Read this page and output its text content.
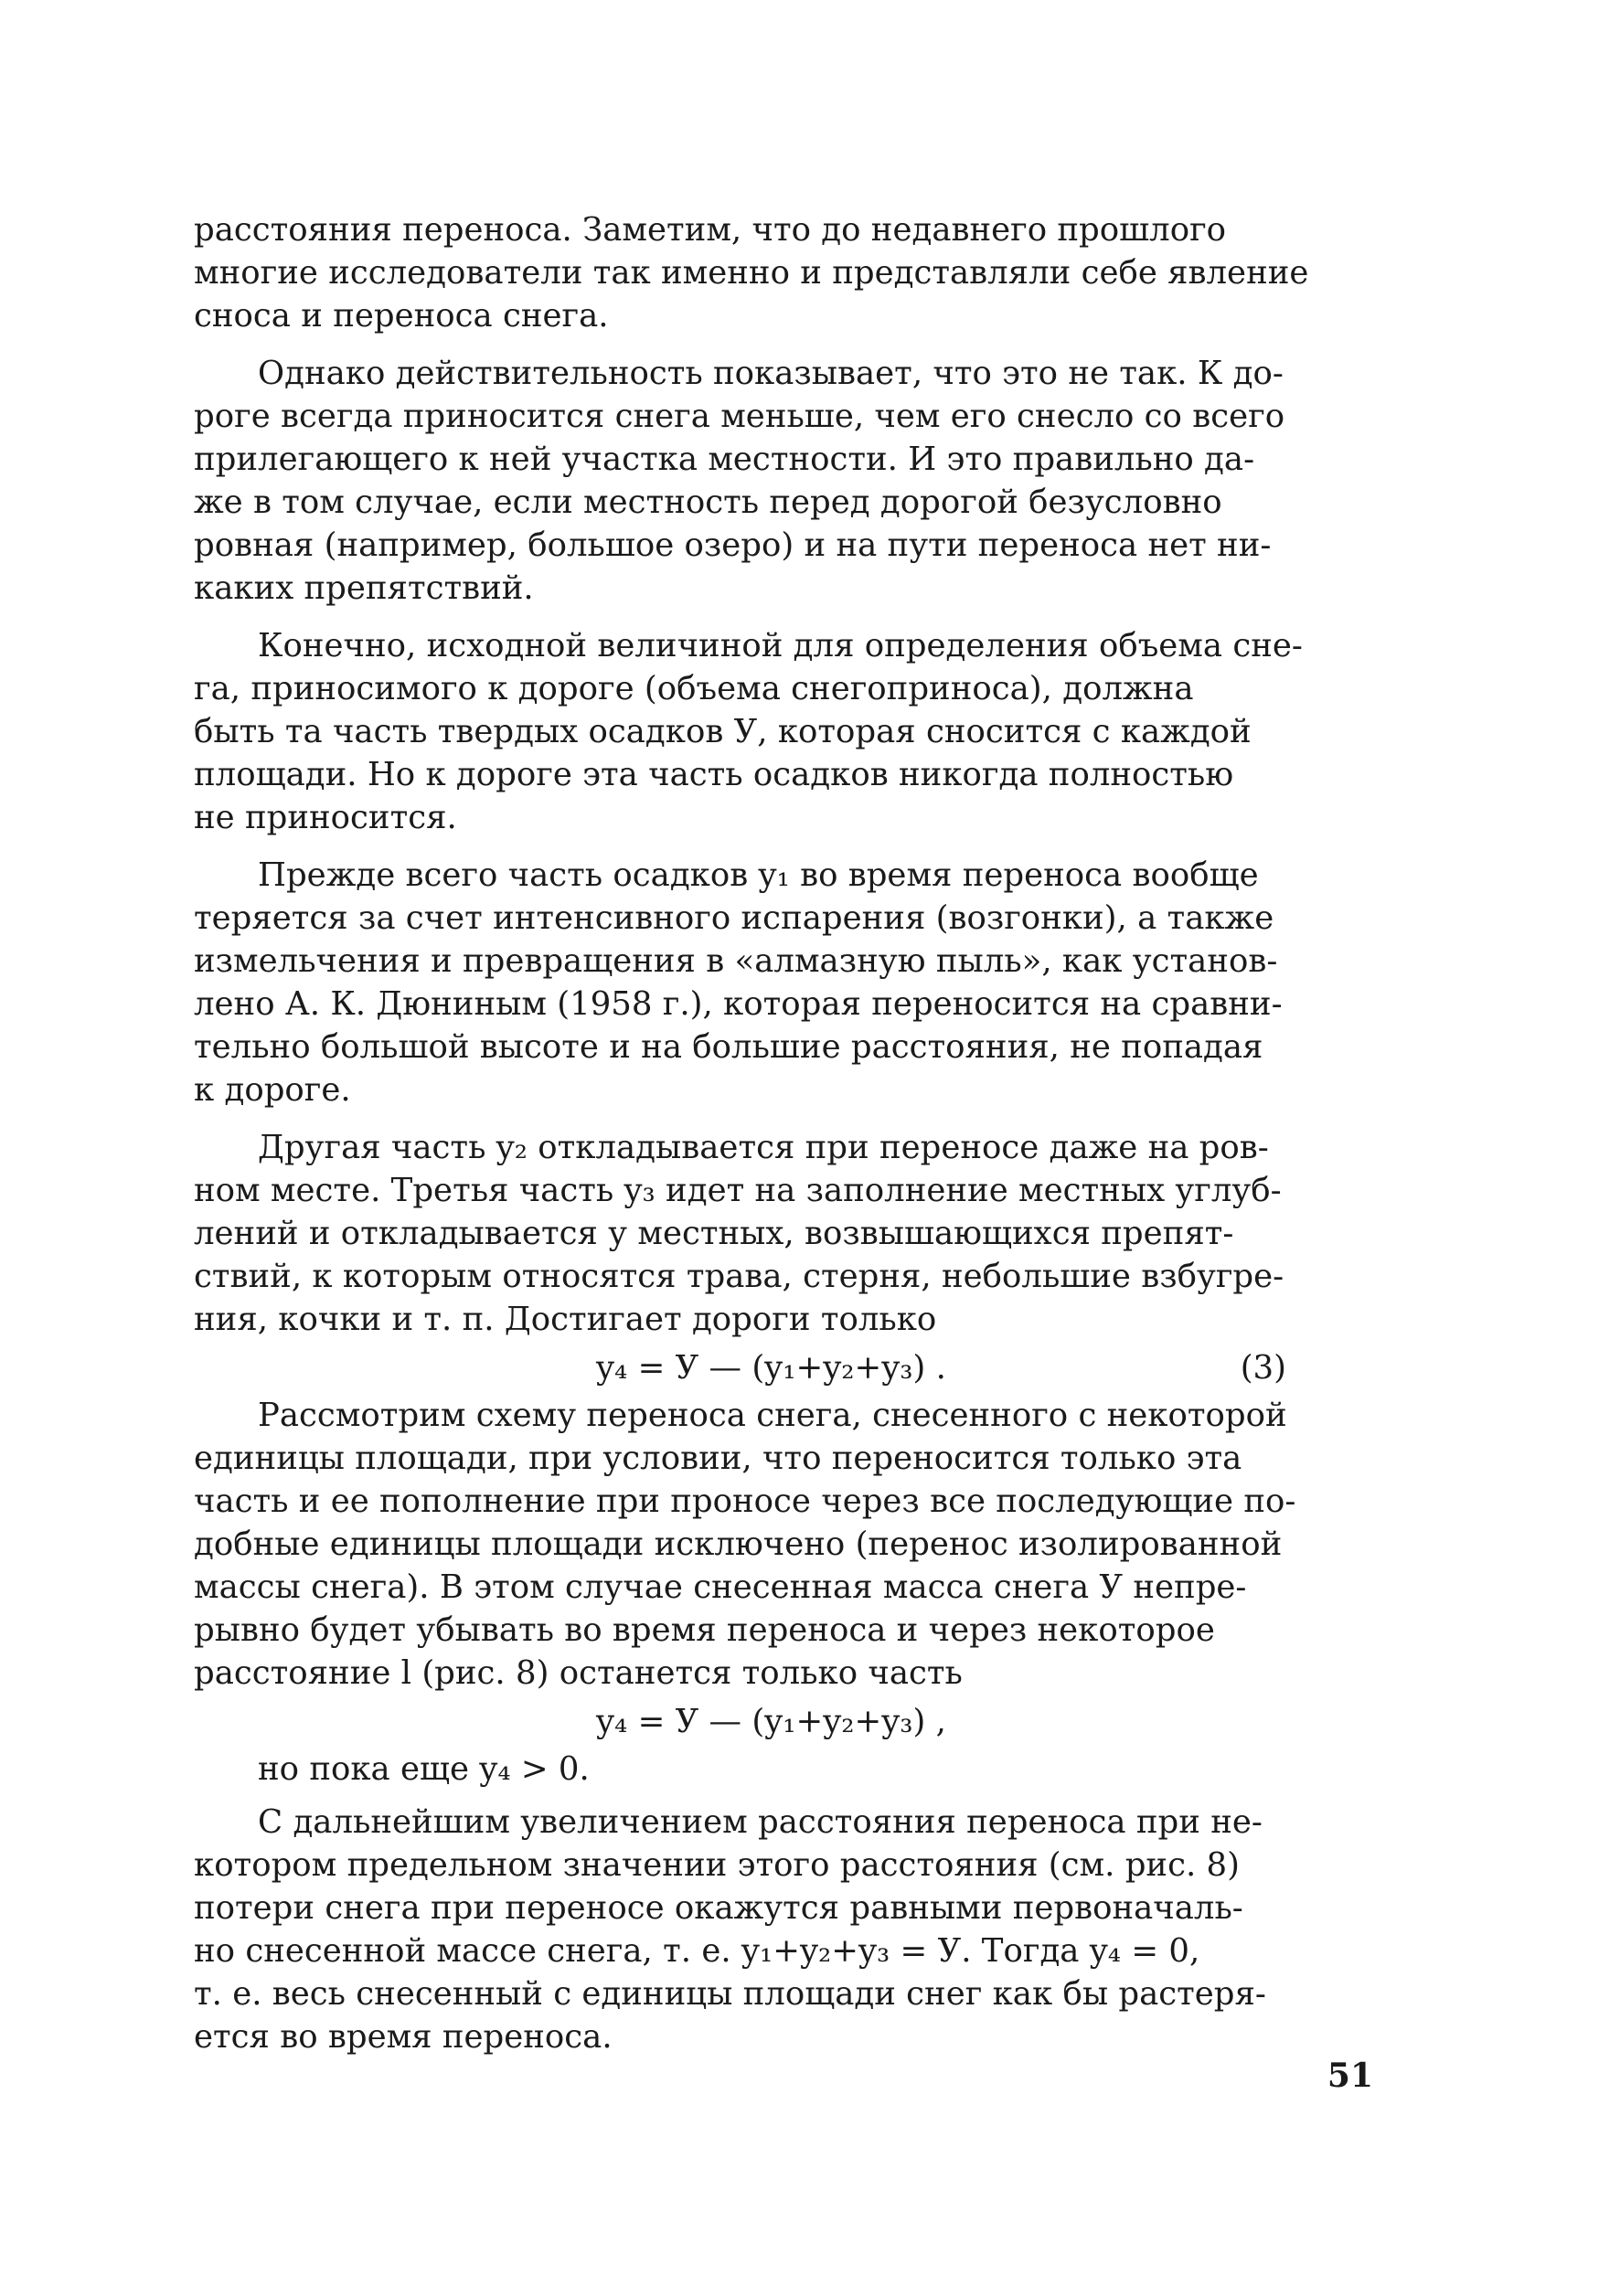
расстояния переноса. Заметим, что до недавнего прошлого
многие исследователи так именно и представляли себе явление
сноса и переноса снега.

Однако действительность показывает, что это не так. К до-
роге всегда приносится снега меньше, чем его снесло со всего
прилегающего к ней участка местности. И это правильно да-
же в том случае, если местность перед дорогой безусловно
ровная (например, большое озеро) и на пути переноса нет ни-
каких препятствий.

Конечно, исходной величиной для определения объема сне-
га, приносимого к дороге (объема снегоприноса), должна
быть та часть твердых осадков У, которая сносится с каждой
площади. Но к дороге эта часть осадков никогда полностью
не приносится.

Прежде всего часть осадков y₁ во время переноса вообще
теряется за счет интенсивного испарения (возгонки), а также
измельчения и превращения в «алмазную пыль», как установ-
лено А. К. Дюниным (1958 г.), которая переносится на сравни-
тельно большой высоте и на большие расстояния, не попадая
к дороге.

Другая часть y₂ откладывается при переносе даже на ров-
ном месте. Третья часть y₃ идет на заполнение местных углуб-
лений и откладывается у местных, возвышающихся препят-
ствий, к которым относятся трава, стерня, небольшие взбугре-
ния, кочки и т. п. Достигает дороги только

y₄ = У — (y₁+y₂+y₃) .	(3)

Рассмотрим схему переноса снега, снесенного с некоторой
единицы площади, при условии, что переносится только эта
часть и ее пополнение при проносе через все последующие по-
добные единицы площади исключено (перенос изолированной
массы снега). В этом случае снесенная масса снега У непре-
рывно будет убывать во время переноса и через некоторое
расстояние l (рис. 8) останется только часть

y₄ = У — (y₁+y₂+y₃) ,
но пока еще y₄ > 0.

С дальнейшим увеличением расстояния переноса при не-
котором предельном значении этого расстояния (см. рис. 8)
потери снега при переносе окажутся равными первоначаль-
но снесенной массе снега, т. е. y₁+y₂+y₃ = У. Тогда y₄ = 0,
т. е. весь снесенный с единицы площади снег как бы растеря-
ется во время переноса.

51
